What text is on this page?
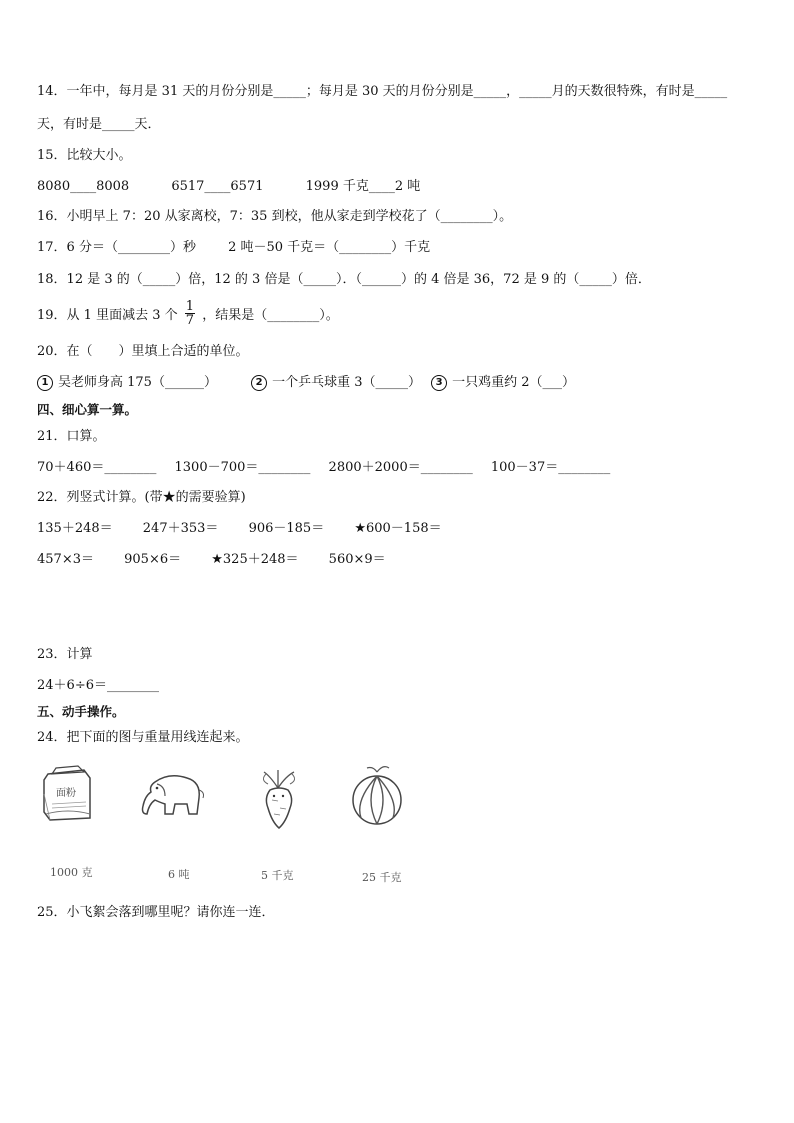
14．一年中，每月是 31 天的月份分别是_____；每月是 30 天的月份分别是_____，_____月的天数很特殊，有时是_____
天，有时是_____天．
15．比较大小。
8080____8008	6517____6571	1999 千克____2 吨
16．小明早上 7：20 从家离校，7：35 到校，他从家走到学校花了（________）。
17．6 分＝（________）秒 2 吨－50 千克＝（________）千克
18．12 是 3 的（_____）倍，12 的 3 倍是（_____）．（______）的 4 倍是 36，72 是 9 的（_____）倍．
19．从 1 里面减去 3 个 $\frac{1}{7}$ ，结果是（________）。
20．在（　　）里填上合适的单位。
1 吴老师身高 175（______）	2 一个乒乓球重 3（_____） 3 一只鸡重约 2（___）
四、细心算一算。
21．口算。
70＋460＝________ 1300－700＝________ 2800＋2000＝________ 100－37＝________
22．列竖式计算。(带★的需要验算)
135＋248＝ 247＋353＝ 906－185＝ ★600－158＝
457×3＝ 905×6＝ ★325＋248＝ 560×9＝
23．计算
24＋6÷6＝________
五、动手操作。
24．把下面的图与重量用线连起来。
面粉
1000 克	6 吨	5 千克	25 千克
25．小飞絮会落到哪里呢？请你连一连．
